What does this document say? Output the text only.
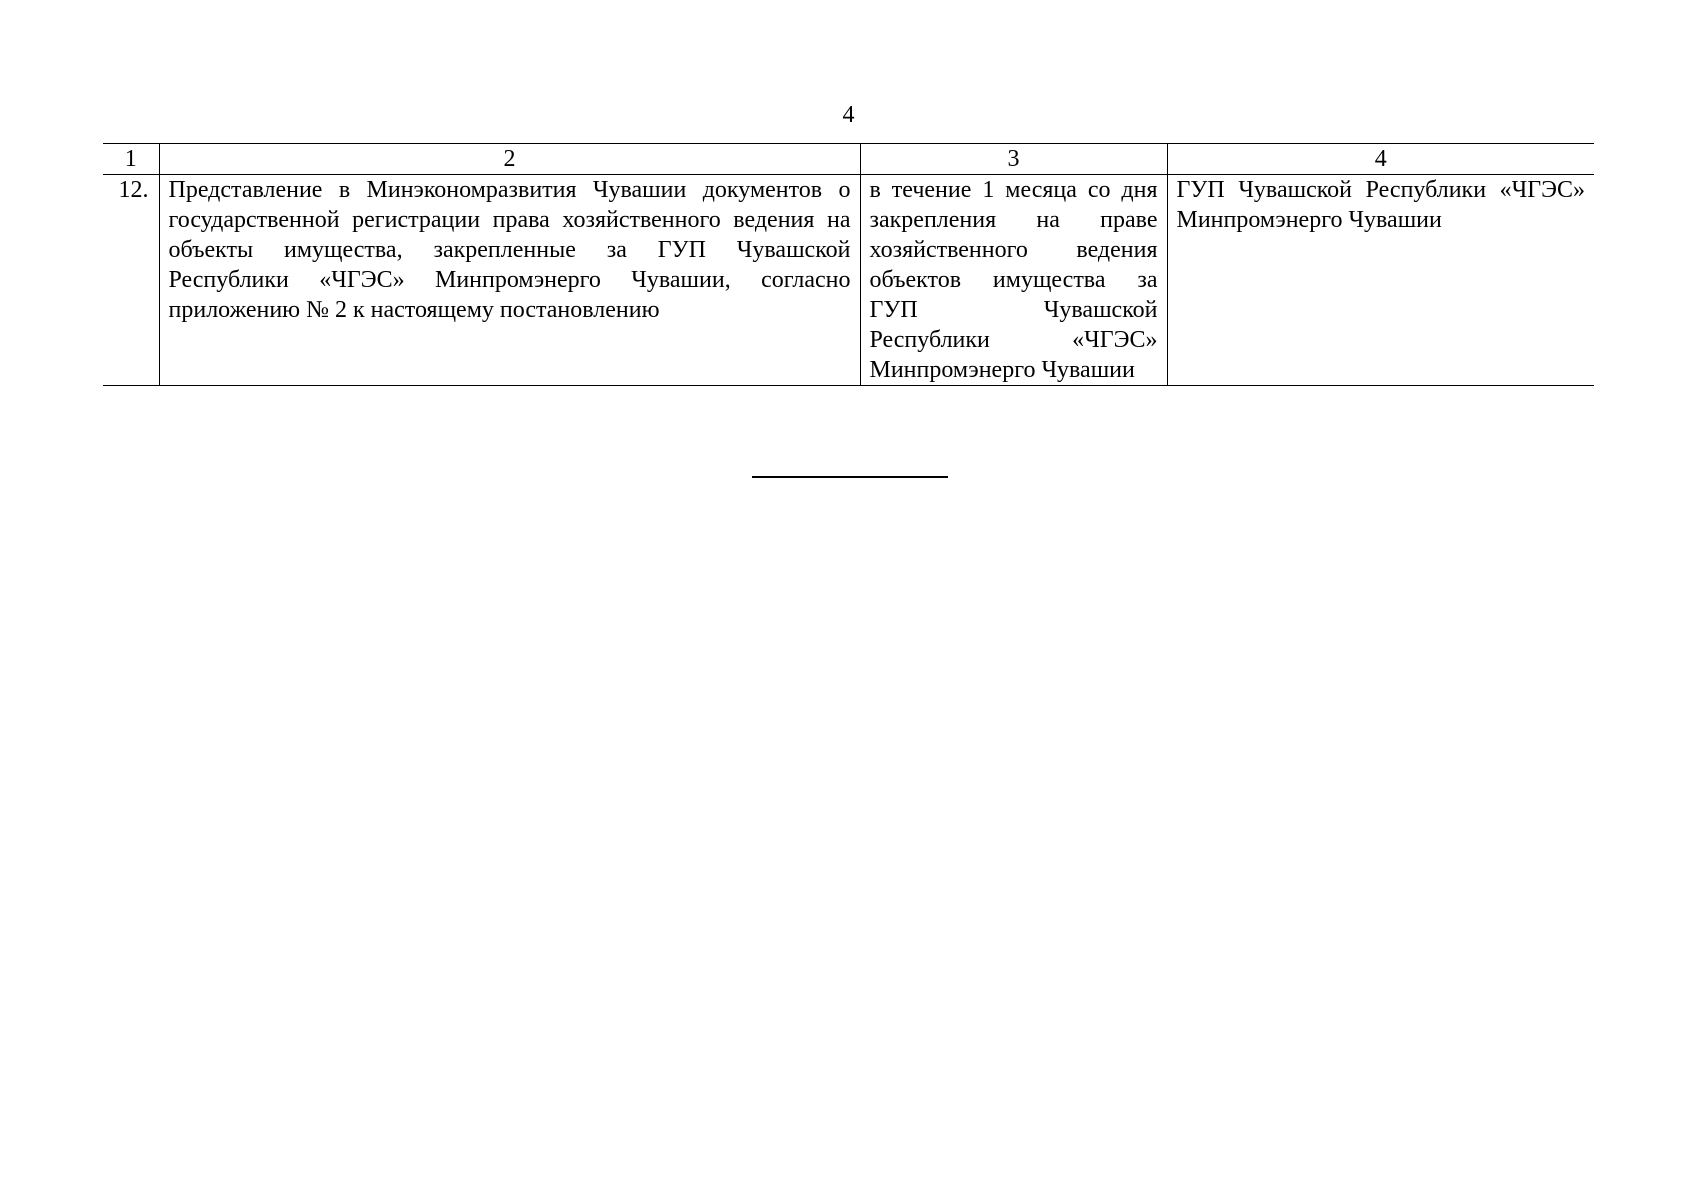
4
1	2	3	4
12.	Представление в Минэкономразвития Чувашии документов о государственной регистрации права хозяйственного ведения на объекты имущества, закрепленные за ГУП Чувашской Республики «ЧГЭС» Минпромэнерго Чувашии, согласно приложению № 2 к настоящему постановлению	в течение 1 месяца со дня закрепления на праве хозяйственного ведения объектов имущества за ГУП Чувашской Республики «ЧГЭС» Минпромэнерго Чувашии	ГУП Чувашской Республики «ЧГЭС» Минпромэнерго Чувашии
